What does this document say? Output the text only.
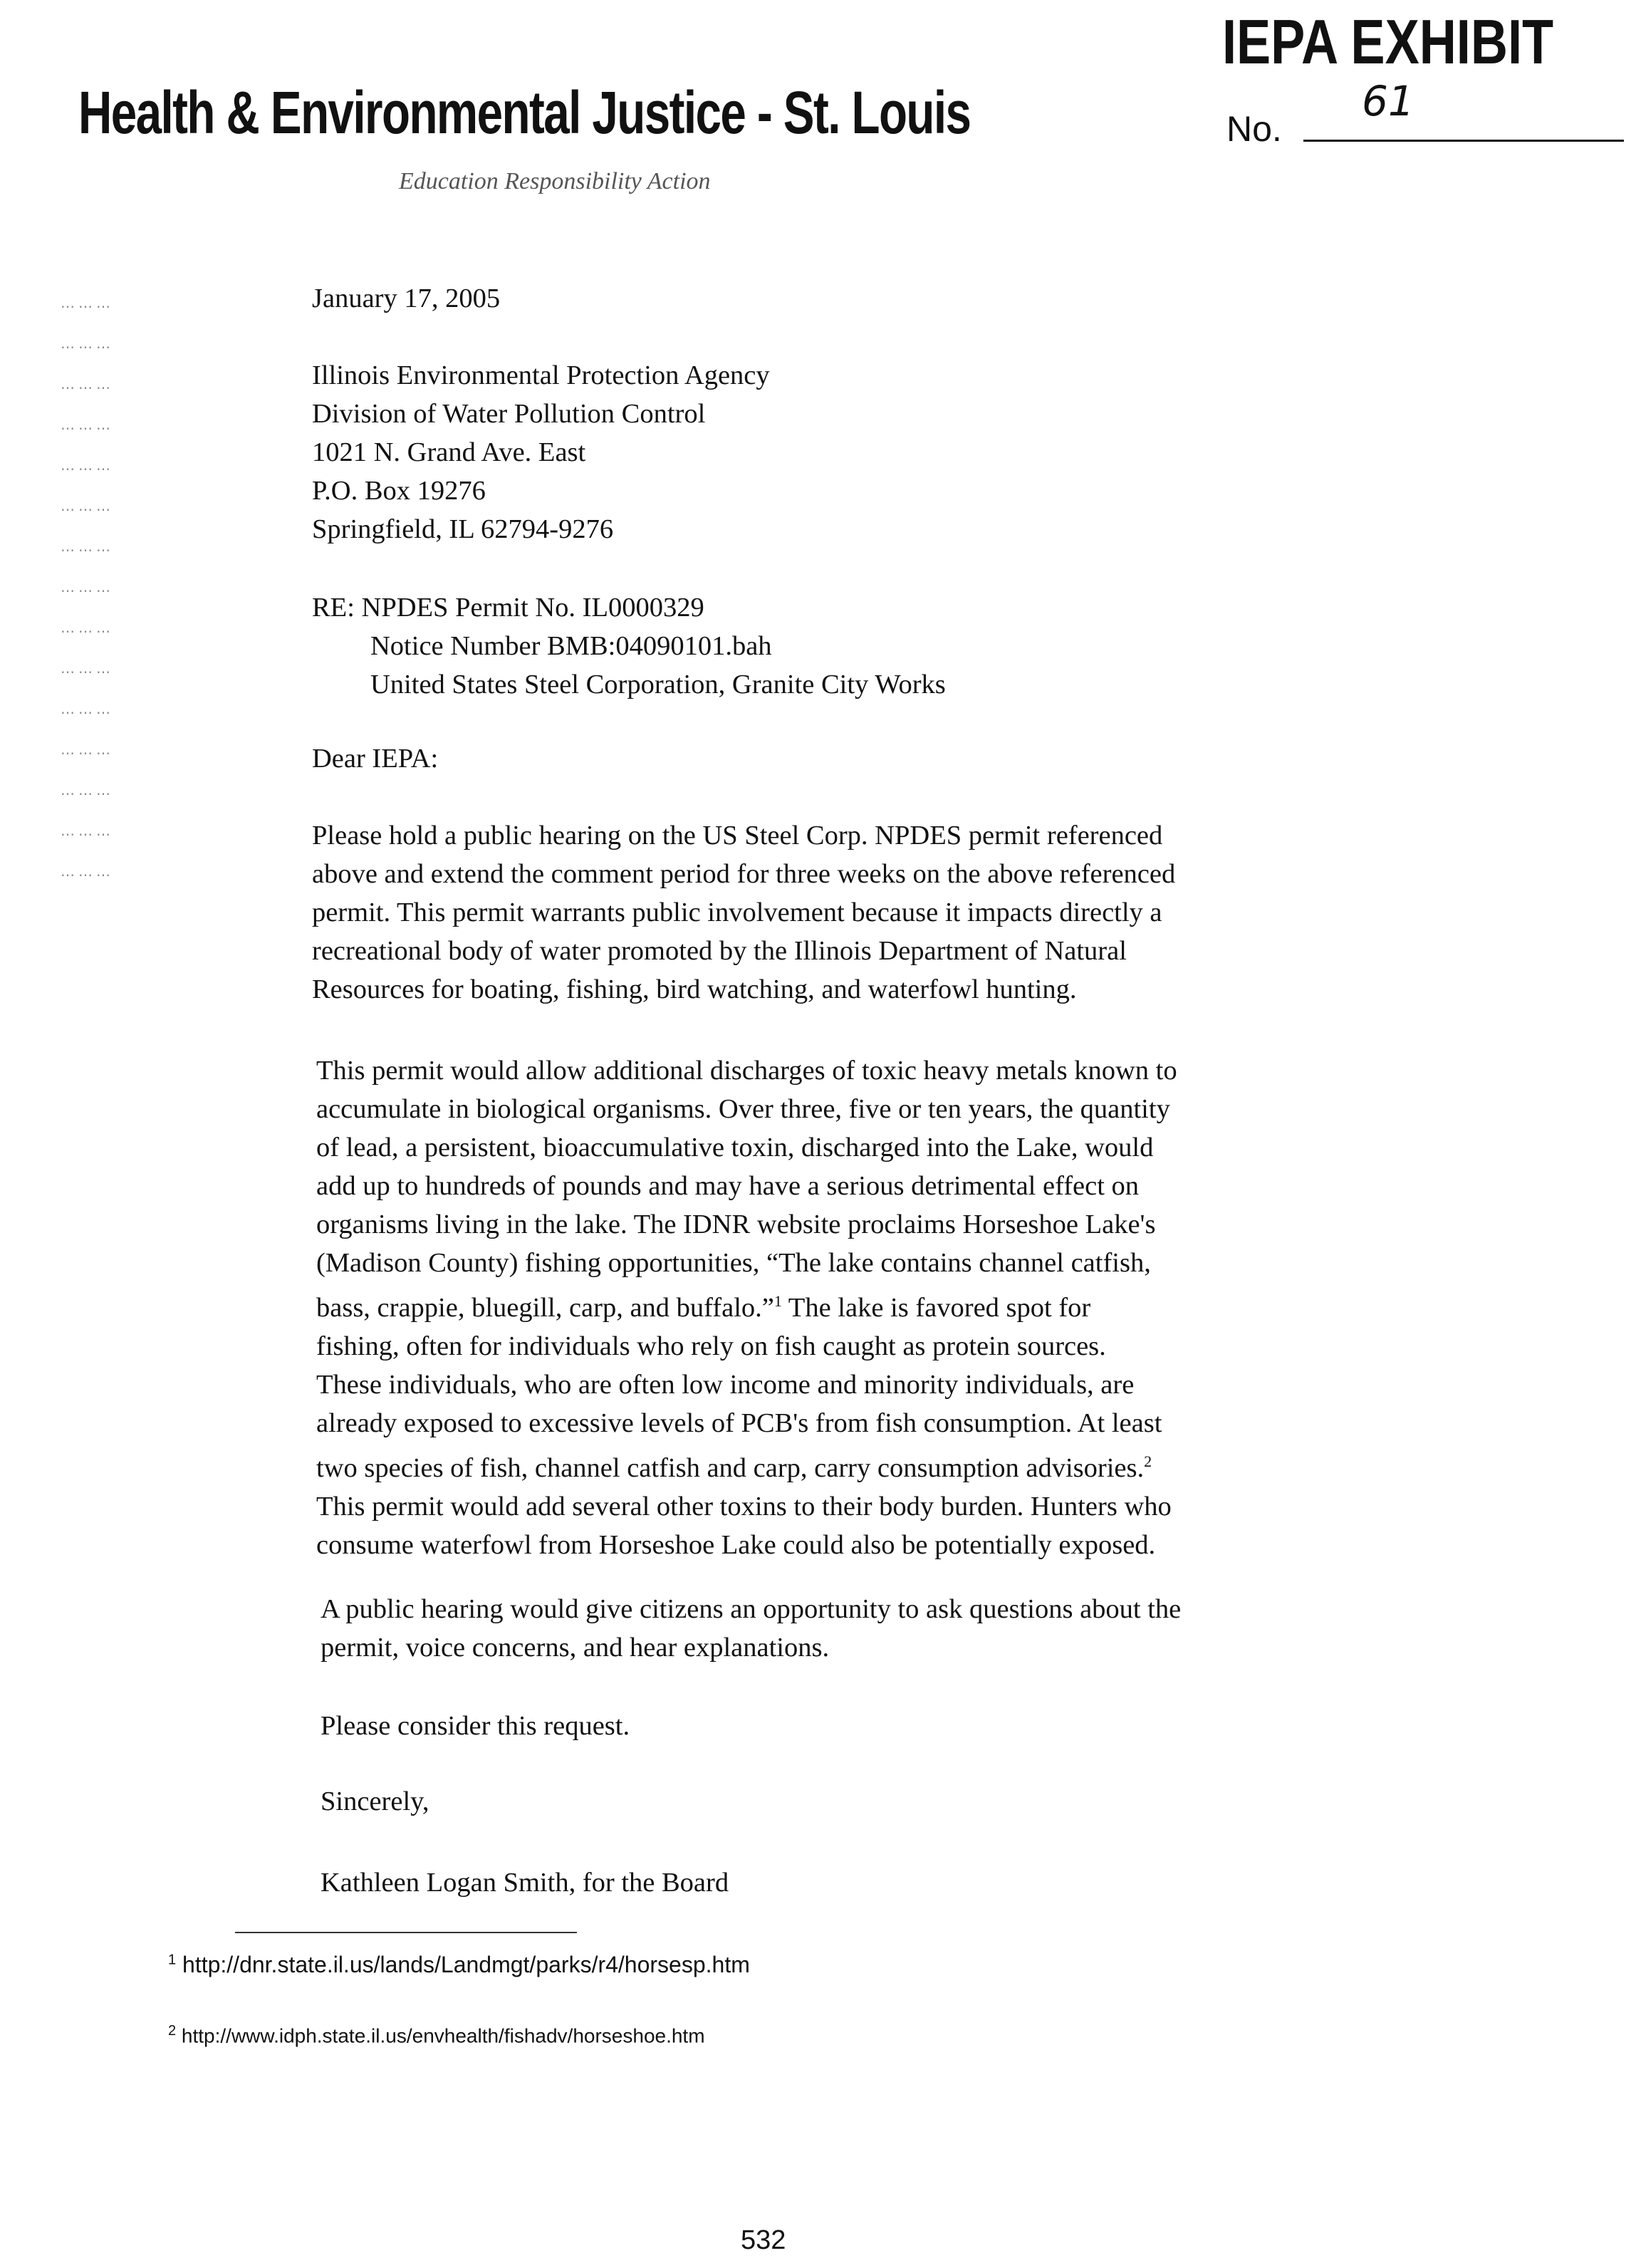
Health & Environmental Justice - St. Louis
Education Responsibility Action
IEPA EXHIBIT
No.
61
⋯ ⋯ ⋯
⋯ ⋯ ⋯
⋯ ⋯ ⋯
⋯ ⋯ ⋯
⋯ ⋯ ⋯
⋯ ⋯ ⋯
⋯ ⋯ ⋯
⋯ ⋯ ⋯
⋯ ⋯ ⋯
⋯ ⋯ ⋯
⋯ ⋯ ⋯
⋯ ⋯ ⋯
⋯ ⋯ ⋯
⋯ ⋯ ⋯
⋯ ⋯ ⋯
January 17, 2005
Illinois Environmental Protection Agency
Division of Water Pollution Control
1021 N. Grand Ave. East
P.O. Box 19276
Springfield, IL 62794-9276
RE: NPDES Permit No. IL0000329
Notice Number BMB:04090101.bah
United States Steel Corporation, Granite City Works
Dear IEPA:

Please hold a public hearing on the US Steel Corp. NPDES permit referenced

above and extend the comment period for three weeks on the above referenced

permit. This permit warrants public involvement because it impacts directly a

recreational body of water promoted by the Illinois Department of Natural

Resources for boating, fishing, bird watching, and waterfowl hunting.

This permit would allow additional discharges of toxic heavy metals known to

accumulate in biological organisms. Over three, five or ten years, the quantity

of lead, a persistent, bioaccumulative toxin, discharged into the Lake, would

add up to hundreds of pounds and may have a serious detrimental effect on

organisms living in the lake. The IDNR website proclaims Horseshoe Lake's

(Madison County) fishing opportunities, “The lake contains channel catfish,

bass, crappie, bluegill, carp, and buffalo.”$^1$ The lake is favored spot for

fishing, often for individuals who rely on fish caught as protein sources.

These individuals, who are often low income and minority individuals, are

already exposed to excessive levels of PCB's from fish consumption. At least

two species of fish, channel catfish and carp, carry consumption advisories.$^2$

This permit would add several other toxins to their body burden. Hunters who

consume waterfowl from Horseshoe Lake could also be potentially exposed.

A public hearing would give citizens an opportunity to ask questions about the

permit, voice concerns, and hear explanations.

Please consider this request.
Sincerely,
Kathleen Logan Smith, for the Board
$^1$ http://dnr.state.il.us/lands/Landmgt/parks/r4/horsesp.htm
$^2$ http://www.idph.state.il.us/envhealth/fishadv/horseshoe.htm
532
